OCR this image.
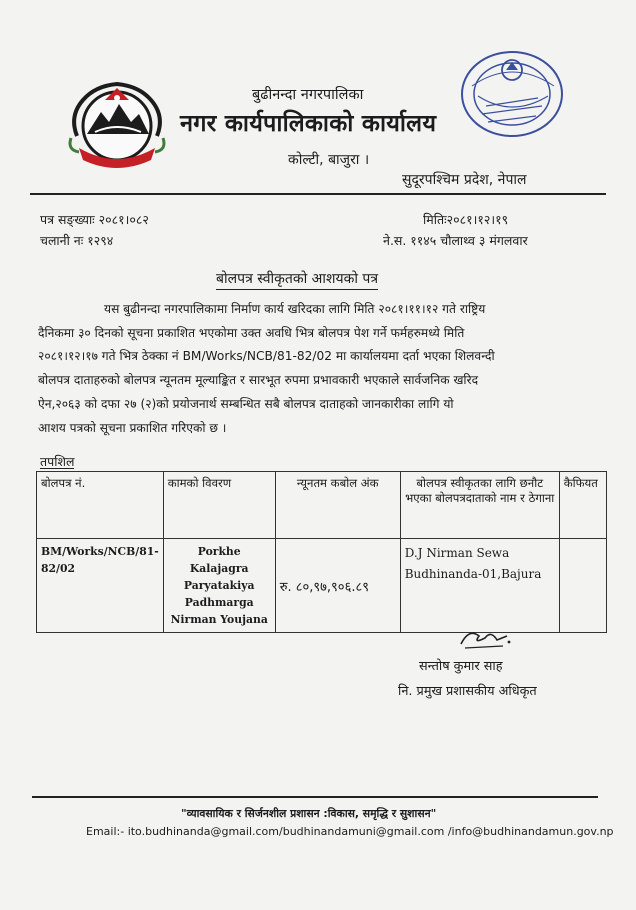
बुढीनन्दा नगरपालिका
नगर कार्यपालिकाको कार्यालय
कोल्टी, बाजुरा ।
सुदूरपश्चिम प्रदेश, नेपाल
पत्र सङ्ख्याः २०८१।०८२
चलानी नः १२९४
मितिः२०८१।१२।१९
ने.स. ११४५ चौलाथ्व ३ मंगलवार
बोलपत्र स्वीकृतको आशयको पत्र
यस बुढीनन्दा नगरपालिकामा निर्माण कार्य खरिदका लागि मिति २०८१।११।१२ गते राष्ट्रिय
दैनिकमा ३० दिनको सूचना प्रकाशित भएकोमा उक्त अवधि भित्र बोलपत्र पेश गर्ने फर्महरुमध्ये मिति
२०८१।१२।१७ गते भित्र ठेक्का नं BM/Works/NCB/81-82/02 मा कार्यालयमा दर्ता भएका शिलवन्दी
बोलपत्र दाताहरुको बोलपत्र न्यूनतम मूल्याङ्कित र सारभूत रुपमा प्रभावकारी भएकाले सार्वजनिक खरिद
ऐन,२०६३ को दफा २७ (२)को प्रयोजनार्थ सम्बन्धित सबै बोलपत्र दाताहको जानकारीका लागि यो
आशय पत्रको सूचना प्रकाशित गरिएको छ ।
तपशिल
बोलपत्र नं.	कामको विवरण	न्यूनतम कबोल अंक	बोलपत्र स्वीकृतका लागि छनौट भएका बोलपत्रदाताको नाम र ठेगाना	कैफियत
BM/Works/NCB/81-82/02	Porkhe Kalajagra Paryatakiya Padhmarga Nirman Youjana	रु. ८०,९७,९०६.८९	D.J Nirman Sewa
Budhinanda-01,Bajura	

सन्तोष कुमार साह
नि. प्रमुख प्रशासकीय अधिकृत
"व्यावसायिक र सिर्जनशील प्रशासन :विकास, समृद्धि र सुशासन"
Email:- ito.budhinanda@gmail.com/budhinandamuni@gmail.com /info@budhinandamun.gov.np
